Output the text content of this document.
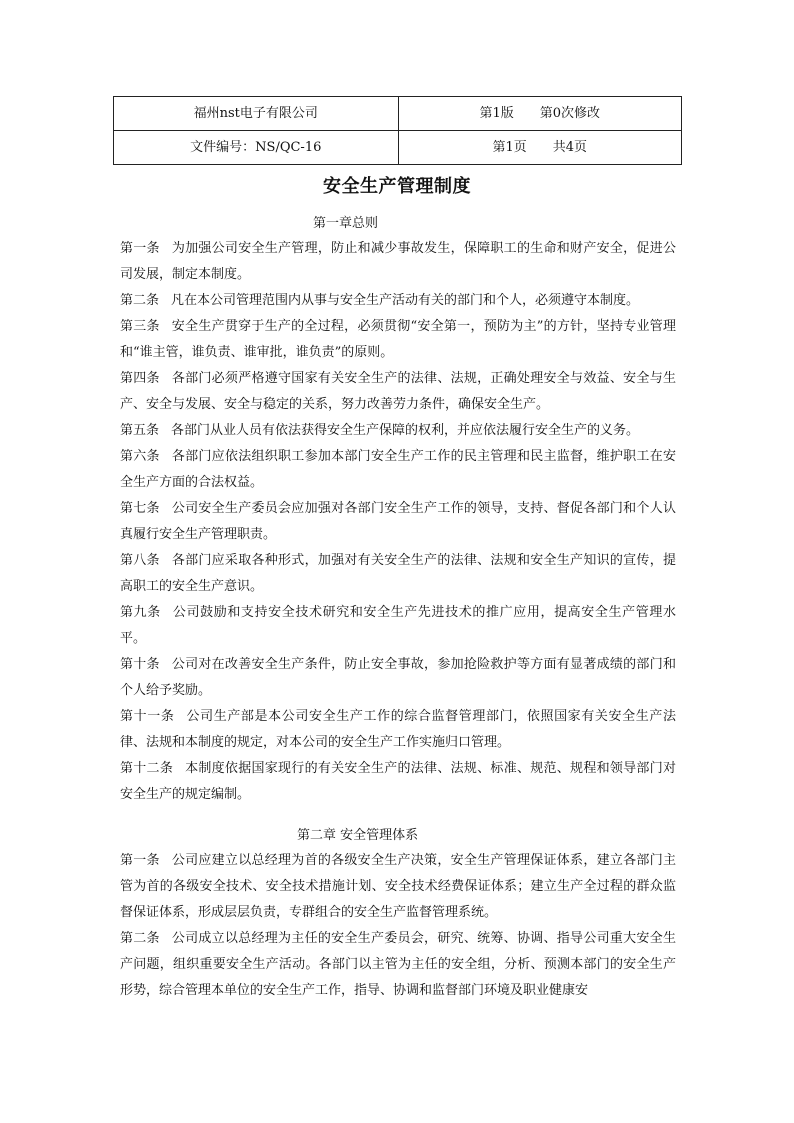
福州nst电子有限公司	第1版 第0次修改
文件编号：NS/QC-16	第1页 共4页
安全生产管理制度
第一章总则

第一条 为加强公司安全生产管理，防止和减少事故发生，保障职工的生命和财产安全，促进公司发展，制定本制度。

第二条 凡在本公司管理范围内从事与安全生产活动有关的部门和个人，必须遵守本制度。

第三条 安全生产贯穿于生产的全过程，必须贯彻“安全第一，预防为主”的方针，坚持专业管理和“谁主管，谁负责、谁审批，谁负责”的原则。

第四条 各部门必须严格遵守国家有关安全生产的法律、法规，正确处理安全与效益、安全与生产、安全与发展、安全与稳定的关系，努力改善劳力条件，确保安全生产。

第五条 各部门从业人员有依法获得安全生产保障的权利，并应依法履行安全生产的义务。

第六条 各部门应依法组织职工参加本部门安全生产工作的民主管理和民主监督，维护职工在安全生产方面的合法权益。

第七条 公司安全生产委员会应加强对各部门安全生产工作的领导，支持、督促各部门和个人认真履行安全生产管理职责。

第八条 各部门应采取各种形式，加强对有关安全生产的法律、法规和安全生产知识的宣传，提高职工的安全生产意识。

第九条 公司鼓励和支持安全技术研究和安全生产先进技术的推广应用，提高安全生产管理水平。

第十条 公司对在改善安全生产条件，防止安全事故，参加抢险救护等方面有显著成绩的部门和个人给予奖励。

第十一条 公司生产部是本公司安全生产工作的综合监督管理部门，依照国家有关安全生产法律、法规和本制度的规定，对本公司的安全生产工作实施归口管理。

第十二条 本制度依据国家现行的有关安全生产的法律、法规、标准、规范、规程和领导部门对安全生产的规定编制。

第二章 安全管理体系

第一条 公司应建立以总经理为首的各级安全生产决策，安全生产管理保证体系，建立各部门主管为首的各级安全技术、安全技术措施计划、安全技术经费保证体系；建立生产全过程的群众监督保证体系，形成层层负责，专群组合的安全生产监督管理系统。

第二条 公司成立以总经理为主任的安全生产委员会，研究、统筹、协调、指导公司重大安全生产问题，组织重要安全生产活动。各部门以主管为主任的安全组，分析、预测本部门的安全生产形势，综合管理本单位的安全生产工作，指导、协调和监督部门环境及职业健康安
